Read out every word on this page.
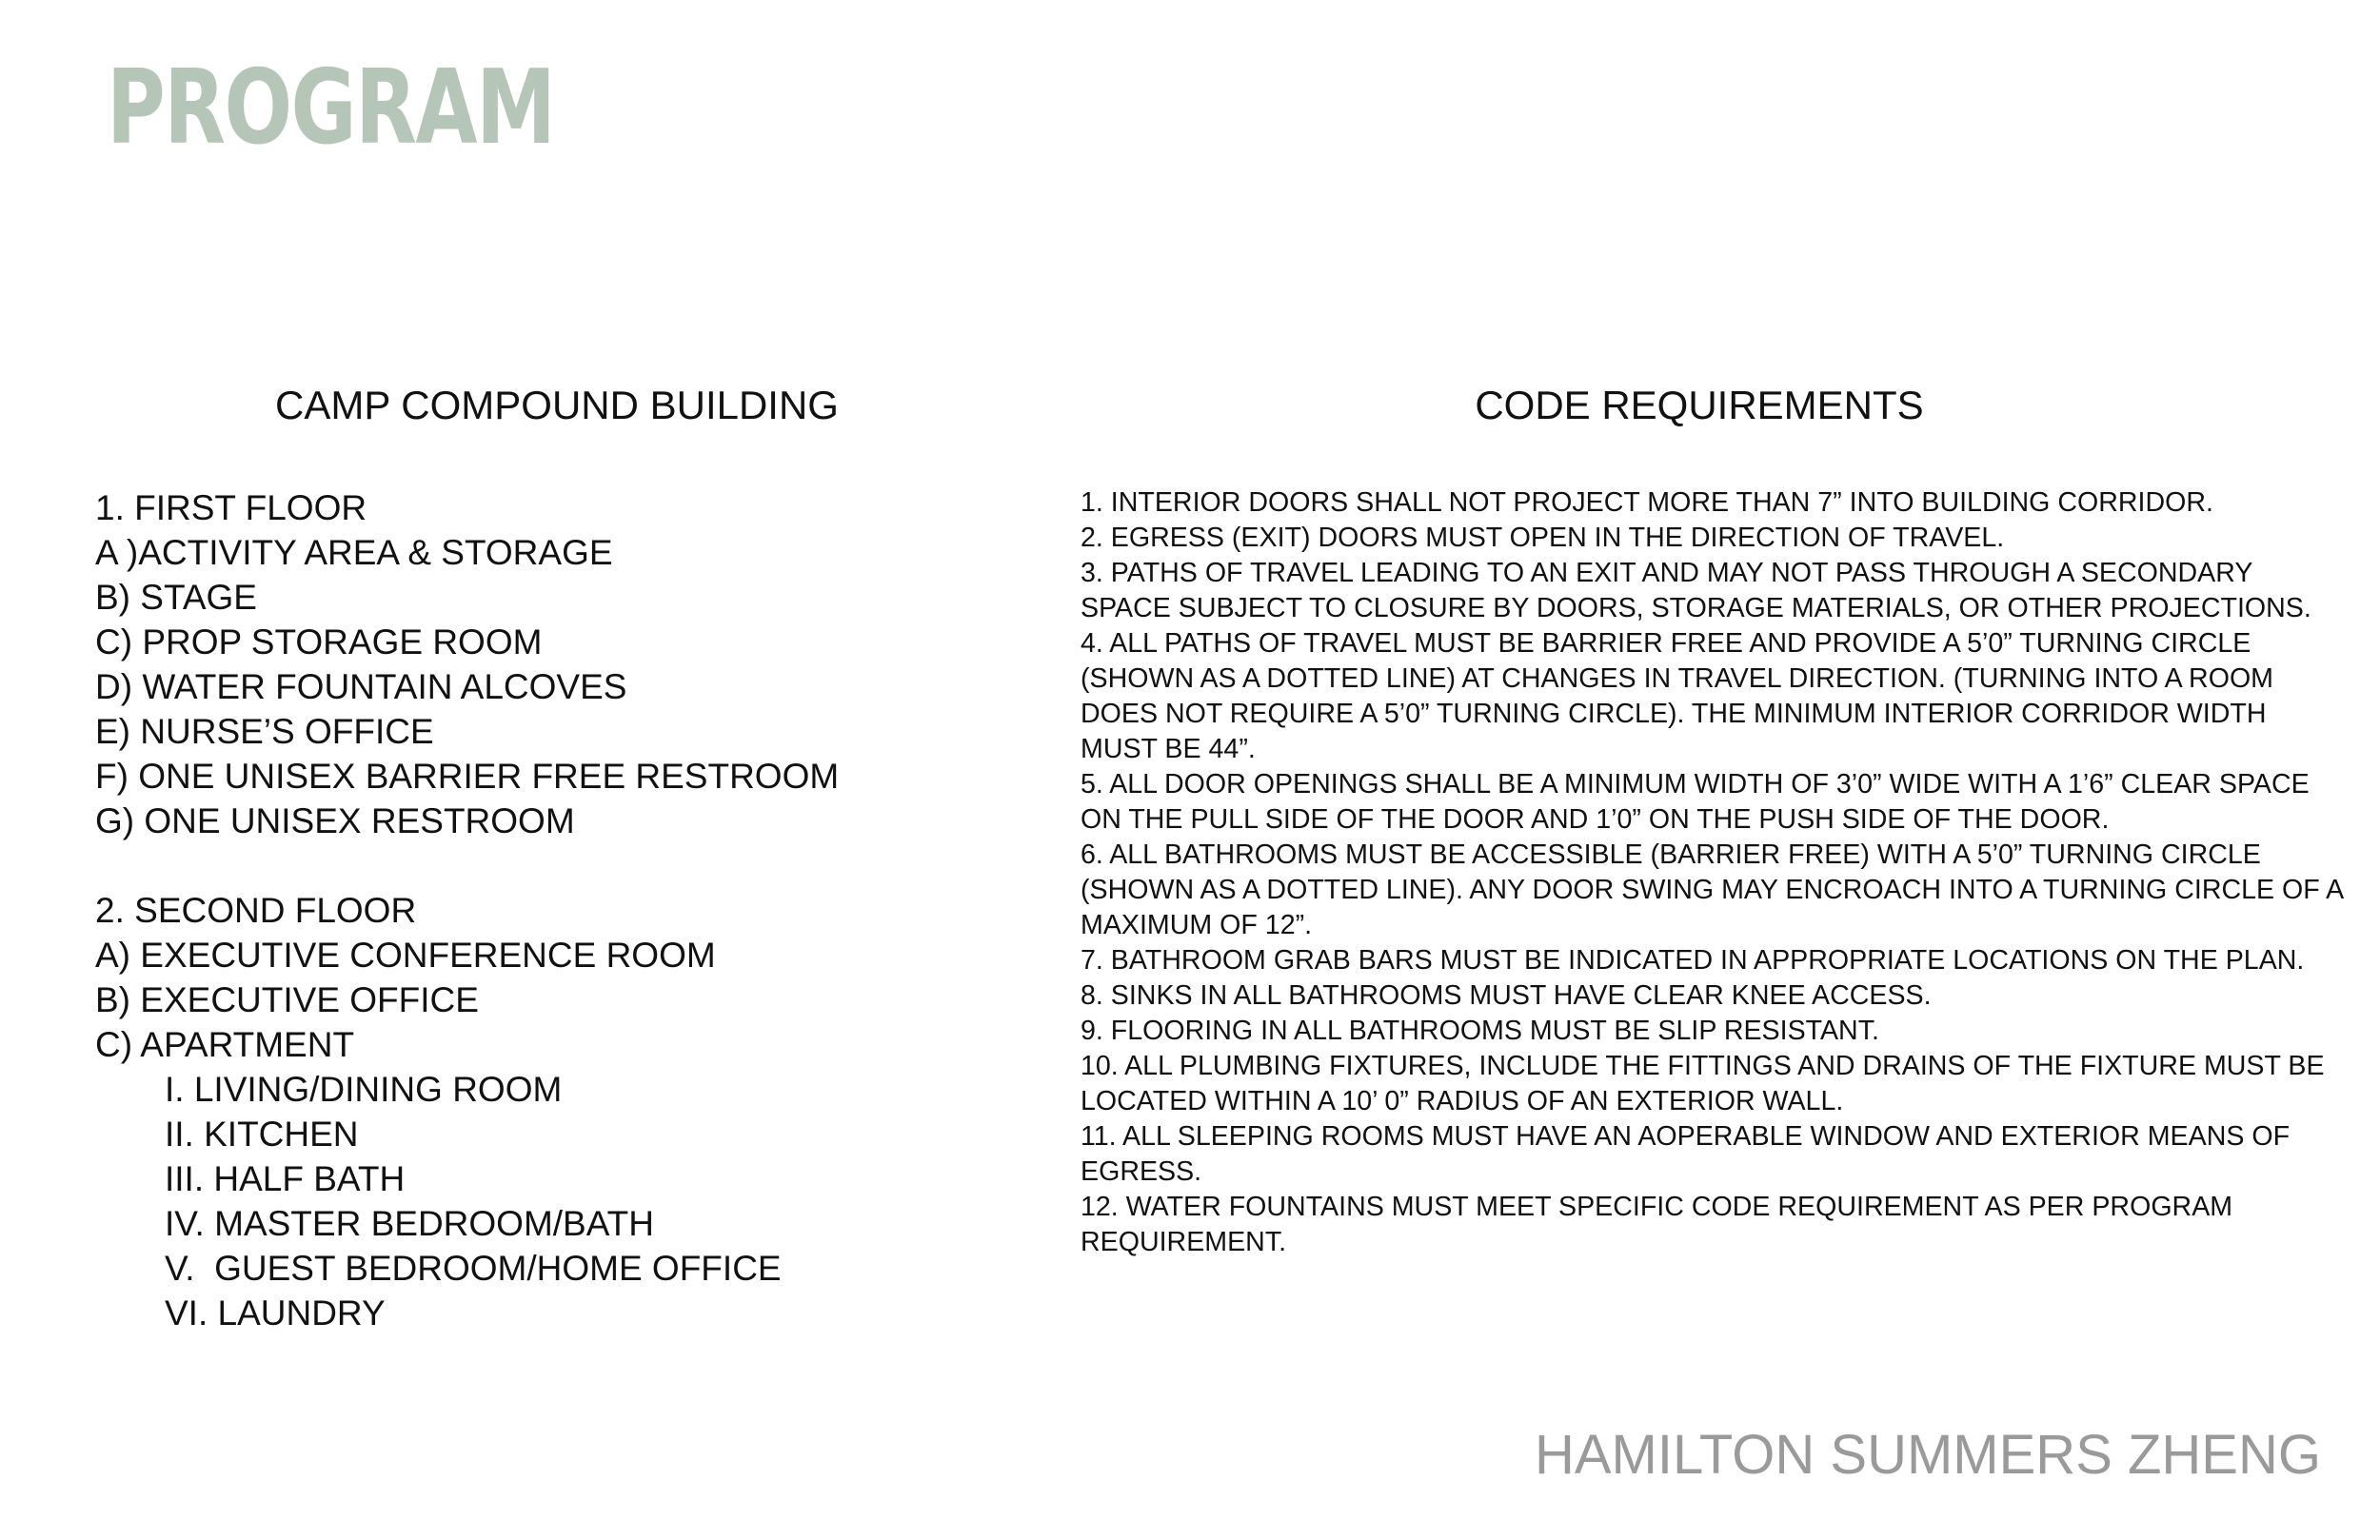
PROGRAM
CAMP COMPOUND BUILDING	CODE REQUIREMENTS
1. FIRST FLOOR
A )ACTIVITY AREA & STORAGE
B) STAGE
C) PROP STORAGE ROOM
D) WATER FOUNTAIN ALCOVES
E) NURSE’S OFFICE
F) ONE UNISEX BARRIER FREE RESTROOM
G) ONE UNISEX RESTROOM
2. SECOND FLOOR
A) EXECUTIVE CONFERENCE ROOM
B) EXECUTIVE OFFICE
C) APARTMENT
I. LIVING/DINING ROOM
II. KITCHEN
III. HALF BATH
IV. MASTER BEDROOM/BATH
V.  GUEST BEDROOM/HOME OFFICE
VI. LAUNDRY
1. INTERIOR DOORS SHALL NOT PROJECT MORE THAN 7” INTO BUILDING CORRIDOR.
2. EGRESS (EXIT) DOORS MUST OPEN IN THE DIRECTION OF TRAVEL.
3. PATHS OF TRAVEL LEADING TO AN EXIT AND MAY NOT PASS THROUGH A SECONDARY SPACE SUBJECT TO CLOSURE BY DOORS, STORAGE MATERIALS, OR OTHER PROJECTIONS.
4. ALL PATHS OF TRAVEL MUST BE BARRIER FREE AND PROVIDE A 5’0” TURNING CIRCLE (SHOWN AS A DOTTED LINE) AT CHANGES IN TRAVEL DIRECTION. (TURNING INTO A ROOM DOES NOT REQUIRE A 5’0” TURNING CIRCLE). THE MINIMUM INTERIOR CORRIDOR WIDTH MUST BE 44”.
5. ALL DOOR OPENINGS SHALL BE A MINIMUM WIDTH OF 3’0” WIDE WITH A 1’6” CLEAR SPACE ON THE PULL SIDE OF THE DOOR AND 1’0” ON THE PUSH SIDE OF THE DOOR.
6. ALL BATHROOMS MUST BE ACCESSIBLE (BARRIER FREE) WITH A 5’0” TURNING CIRCLE (SHOWN AS A DOTTED LINE). ANY DOOR SWING MAY ENCROACH INTO A TURNING CIRCLE OF A MAXIMUM OF 12”.
7. BATHROOM GRAB BARS MUST BE INDICATED IN APPROPRIATE LOCATIONS ON THE PLAN.
8. SINKS IN ALL BATHROOMS MUST HAVE CLEAR KNEE ACCESS.
9. FLOORING IN ALL BATHROOMS MUST BE SLIP RESISTANT.
10. ALL PLUMBING FIXTURES, INCLUDE THE FITTINGS AND DRAINS OF THE FIXTURE MUST BE LOCATED WITHIN A 10’ 0” RADIUS OF AN EXTERIOR WALL.
11. ALL SLEEPING ROOMS MUST HAVE AN AOPERABLE WINDOW AND EXTERIOR MEANS OF EGRESS.
12. WATER FOUNTAINS MUST MEET SPECIFIC CODE REQUIREMENT AS PER PROGRAM REQUIREMENT.

HAMILTON SUMMERS ZHENG
